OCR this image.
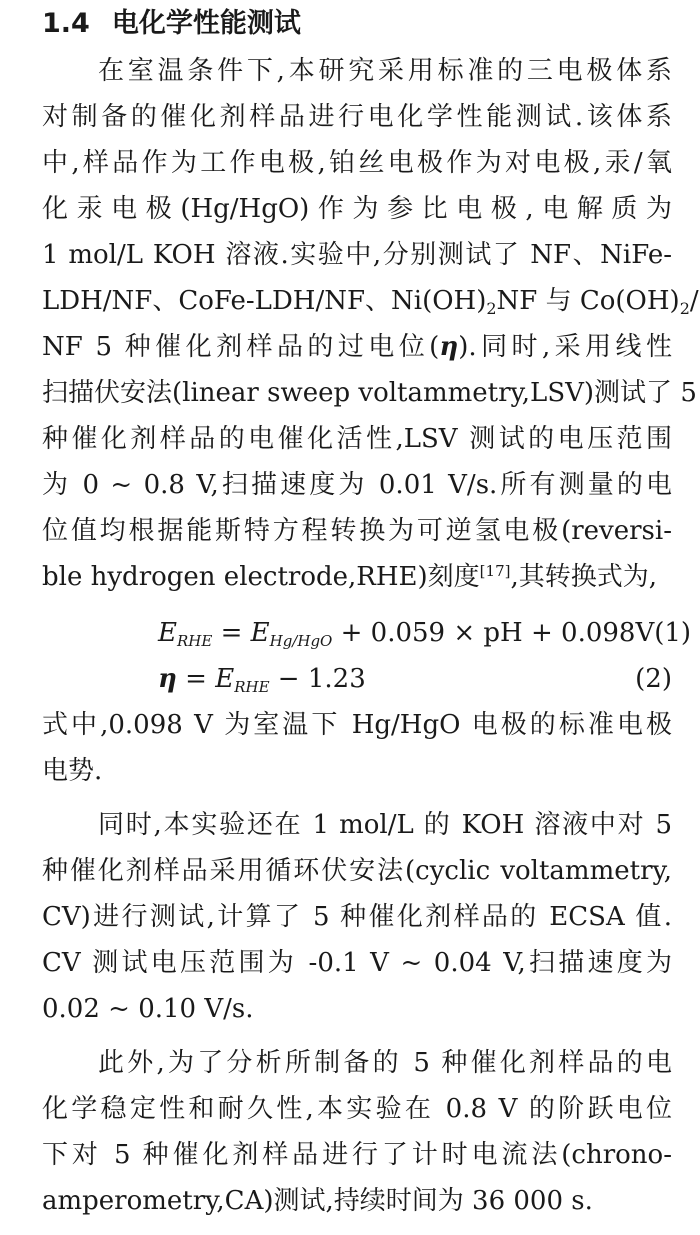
1.4 电化学性能测试
在室温条件下,本研究采用标准的三电极体系
对制备的催化剂样品进行电化学性能测试.该体系
中,样品作为工作电极,铂丝电极作为对电极,汞/氧
化汞电极(Hg/HgO)作为参比电极,电解质为
1 mol/L KOH 溶液.实验中,分别测试了 NF、NiFe-
LDH/NF、CoFe-LDH/NF、$Ni(OH)_2NF$ 与 $Co(OH)_2/$
NF 5 种催化剂样品的过电位(η).同时,采用线性
扫描伏安法(linear sweep voltammetry,LSV)测试了 5
种催化剂样品的电催化活性,LSV 测试的电压范围
为 0 ~ 0.8 V,扫描速度为 0.01 V/s.所有测量的电
位值均根据能斯特方程转换为可逆氢电极(reversi-
ble hydrogen electrode,RHE)刻度[17],其转换式为,
$E_{RHE} = E_{Hg/HgO} + 0.059$ × pH + 0.098V (1)
$\eta = E_{RHE} - 1.23$	(2)
式中,0.098 V 为室温下 Hg/HgO 电极的标准电极
电势.
同时,本实验还在 1 mol/L 的 KOH 溶液中对 5
种催化剂样品采用循环伏安法(cyclic voltammetry,
CV)进行测试,计算了 5 种催化剂样品的 ECSA 值.
CV 测试电压范围为 -0.1 V ~ 0.04 V,扫描速度为
0.02 ~ 0.10 V/s.
此外,为了分析所制备的 5 种催化剂样品的电
化学稳定性和耐久性,本实验在 0.8 V 的阶跃电位
下对 5 种催化剂样品进行了计时电流法(chrono-
amperometry,CA)测试,持续时间为 36 000 s.
